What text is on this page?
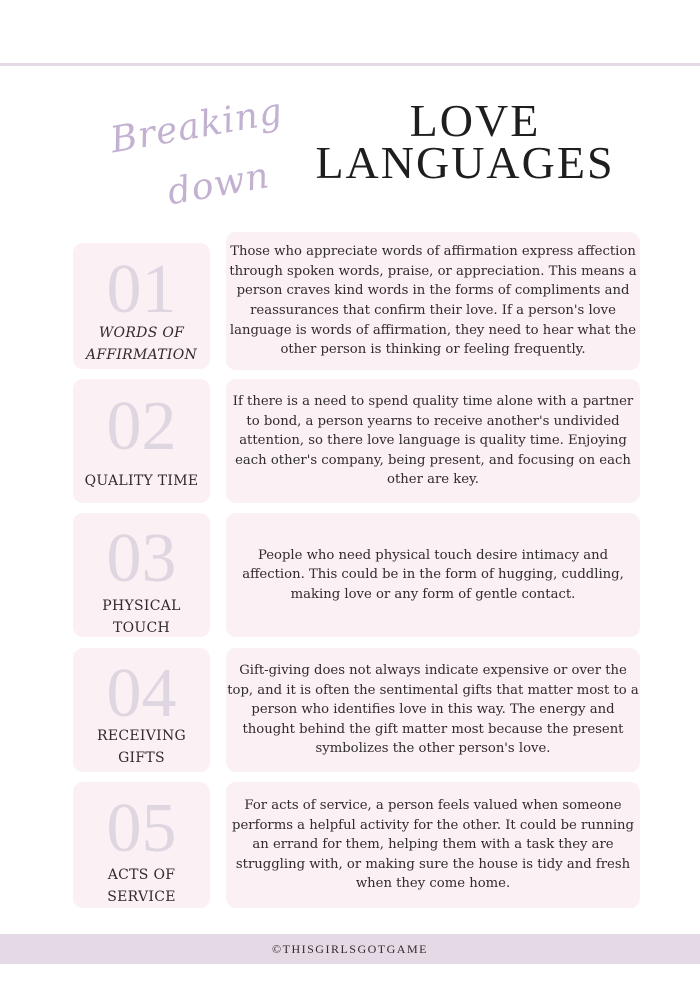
Breaking
down
LOVE
LANGUAGES
01
WORDS OF
AFFIRMATION
Those who appreciate words of affirmation express affection through spoken words, praise, or appreciation. This means a person craves kind words in the forms of compliments and reassurances that confirm their love. If a person's love language is words of affirmation, they need to hear what the other person is thinking or feeling frequently.
02
QUALITY TIME
If there is a need to spend quality time alone with a partner to bond, a person yearns to receive another's undivided attention, so there love language is quality time. Enjoying each other's company, being present, and focusing on each other are key.
03
PHYSICAL
TOUCH
People who need physical touch desire intimacy and affection. This could be in the form of hugging, cuddling, making love or any form of gentle contact.
04
RECEIVING
GIFTS
Gift-giving does not always indicate expensive or over the top, and it is often the sentimental gifts that matter most to a person who identifies love in this way. The energy and thought behind the gift matter most because the present symbolizes the other person's love.
05
ACTS OF
SERVICE
For acts of service, a person feels valued when someone performs a helpful activity for the other. It could be running an errand for them, helping them with a task they are struggling with, or making sure the house is tidy and fresh when they come home.
©THISGIRLSGOTGAME
